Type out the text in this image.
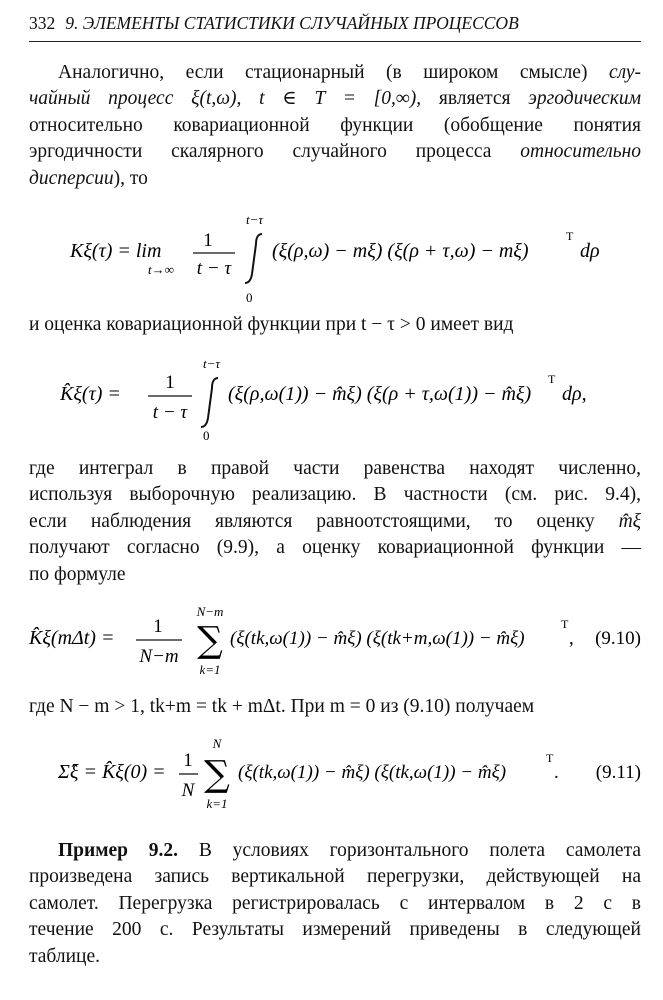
332 9. ЭЛЕМЕНТЫ СТАТИСТИКИ СЛУЧАЙНЫХ ПРОЦЕССОВ
Аналогично, если стационарный (в широком смысле) слу-
чайный процесс ξ(t,ω), t ∈ T = [0,∞), является эргодическим
относительно ковариационной функции (обобщение понятия
эргодичности скалярного случайного процесса относительно
дисперсии), то
Kξ(τ) = lim
t→∞
1
t − τ
t−τ
0
(ξ(ρ,ω) − mξ) (ξ(ρ + τ,ω) − mξ)
T
dρ
и оценка ковариационной функции при t − τ > 0 имеет вид
K̂ξ(τ) =
1
t − τ
t−τ
0
(ξ(ρ,ω(1)) − m̂ξ) (ξ(ρ + τ,ω(1)) − m̂ξ)
T
dρ,
где интеграл в правой части равенства находят численно,
используя выборочную реализацию. В частности (см. рис. 9.4),
если наблюдения являются равноотстоящими, то оценку m̂ξ
получают согласно (9.9), а оценку ковариационной функции —
по формуле
K̂ξ(mΔt) =
1
N−m
N−m
∑
k=1
(ξ(tk,ω(1)) − m̂ξ) (ξ(tk+m,ω(1)) − m̂ξ)
T
, (9.10)
где N − m > 1, tk+m = tk + mΔt. При m = 0 из (9.10) получаем
Σ̂ξ = K̂ξ(0) =
1
N
N
∑
k=1
(ξ(tk,ω(1)) − m̂ξ) (ξ(tk,ω(1)) − m̂ξ)
T
. (9.11)
Пример 9.2. В условиях горизонтального полета самолета
произведена запись вертикальной перегрузки, действующей на
самолет. Перегрузка регистрировалась с интервалом в 2 с в
течение 200 с. Результаты измерений приведены в следующей
таблице.
